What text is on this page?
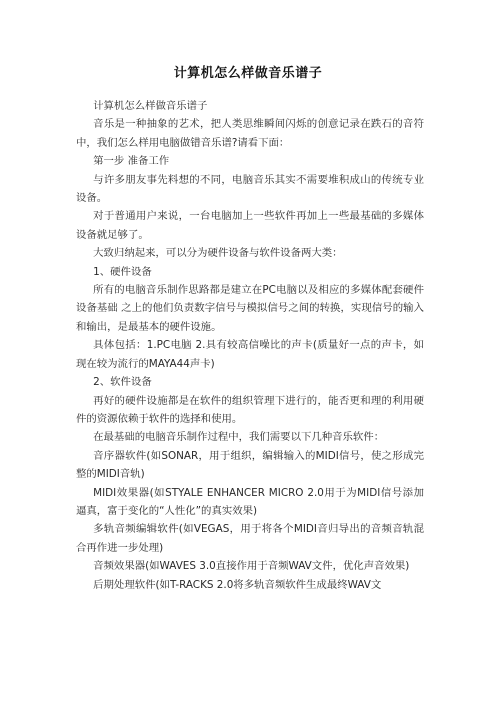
计算机怎么样做音乐谱子

计算机怎么样做音乐谱子

音乐是一种抽象的艺术，把人类思维瞬间闪烁的创意记录在跌石的音符中，我们怎么样用电脑做错音乐谱?请看下面：

第一步 准备工作

与许多朋友事先料想的不同，电脑音乐其实不需要堆积成山的传统专业设备。

对于普通用户来说，一台电脑加上一些软件再加上一些最基础的多媒体设备就足够了。

大致归纳起来，可以分为硬件设备与软件设备两大类：

1、硬件设备

所有的电脑音乐制作思路都是建立在PC电脑以及相应的多媒体配套硬件设备基础 之上的他们负责数字信号与模拟信号之间的转换，实现信号的输入和输出，是最基本的硬件设施。

具体包括：1.PC电脑 2.具有较高信噪比的声卡(质量好一点的声卡，如现在较为流行的MAYA44声卡)

2、软件设备

再好的硬件设施都是在软件的组织管理下进行的，能否更和理的利用硬件的资源依赖于软件的选择和使用。

在最基础的电脑音乐制作过程中，我们需要以下几种音乐软件：

音序器软件(如SONAR，用于组织，编辑输入的MIDI信号，使之形成完整的MIDI音轨)

MIDI效果器(如STYALE ENHANCER MICRO 2.0用于为MIDI信号添加逼真，富于变化的“人性化”的真实效果)

多轨音频编辑软件(如VEGAS，用于将各个MIDI音归导出的音频音轨混合再作进一步处理)

音频效果器(如WAVES 3.0直接作用于音频WAV文件，优化声音效果)

后期处理软件(如T-RACKS 2.0将多轨音频软件生成最终WAV文
